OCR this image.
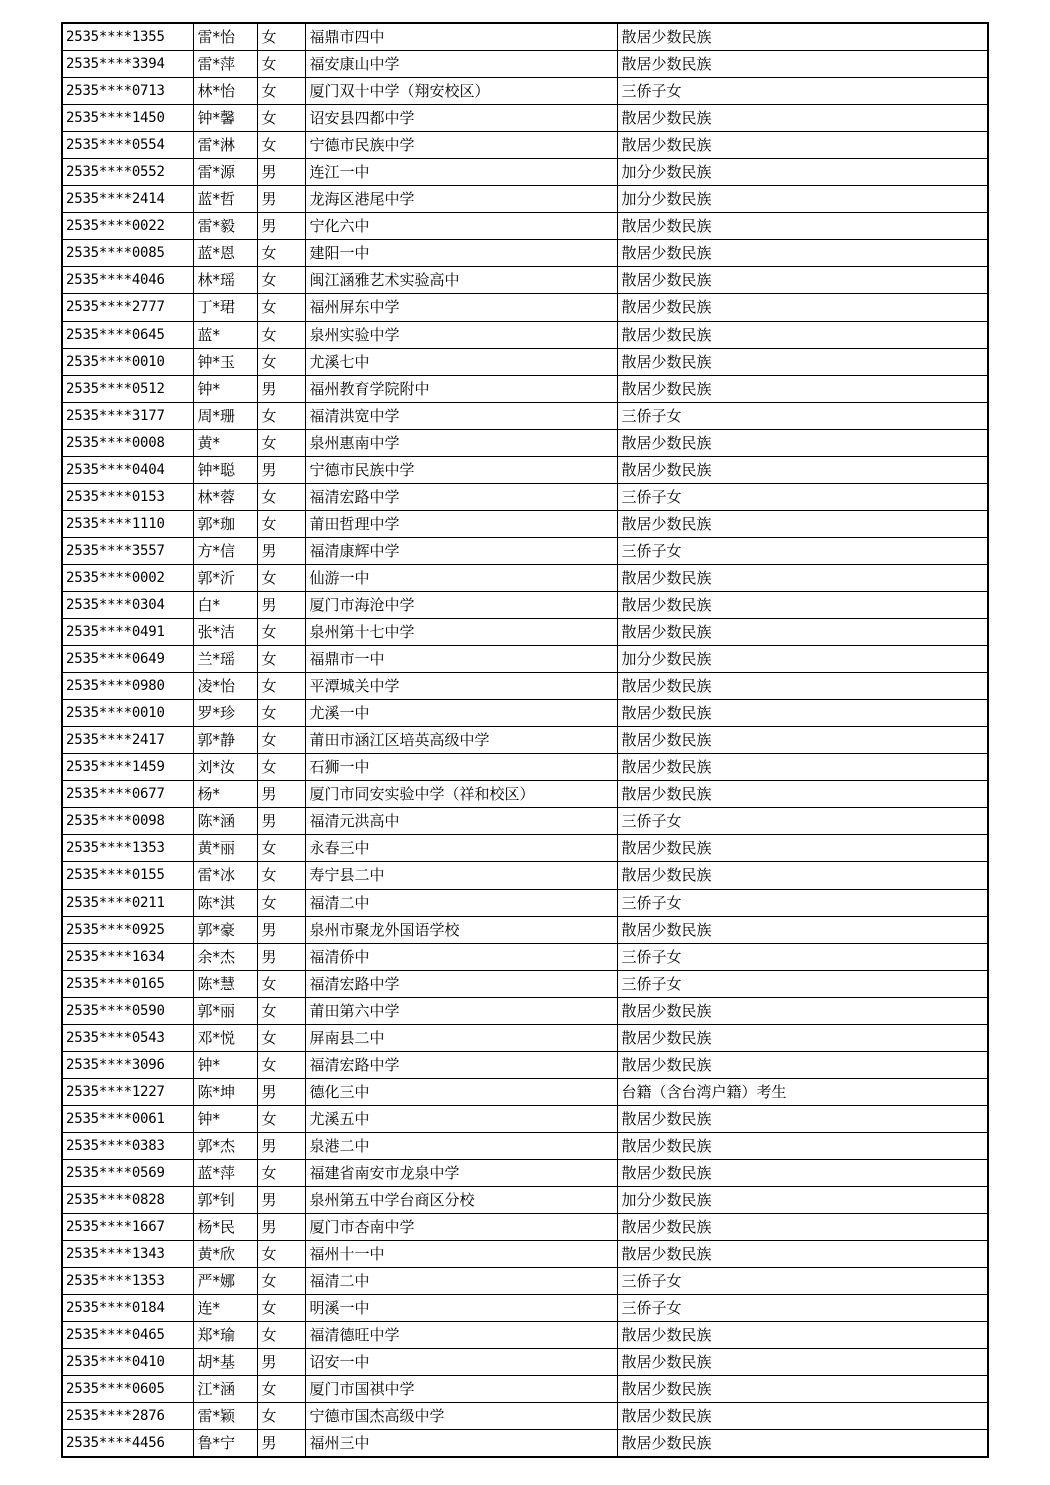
2535****1355	雷*怡	女	福鼎市四中	散居少数民族
2535****3394	雷*萍	女	福安康山中学	散居少数民族
2535****0713	林*怡	女	厦门双十中学（翔安校区）	三侨子女
2535****1450	钟*馨	女	诏安县四都中学	散居少数民族
2535****0554	雷*淋	女	宁德市民族中学	散居少数民族
2535****0552	雷*源	男	连江一中	加分少数民族
2535****2414	蓝*哲	男	龙海区港尾中学	加分少数民族
2535****0022	雷*毅	男	宁化六中	散居少数民族
2535****0085	蓝*恩	女	建阳一中	散居少数民族
2535****4046	林*瑶	女	闽江涵雅艺术实验高中	散居少数民族
2535****2777	丁*珺	女	福州屏东中学	散居少数民族
2535****0645	蓝*	女	泉州实验中学	散居少数民族
2535****0010	钟*玉	女	尤溪七中	散居少数民族
2535****0512	钟*	男	福州教育学院附中	散居少数民族
2535****3177	周*珊	女	福清洪宽中学	三侨子女
2535****0008	黄*	女	泉州惠南中学	散居少数民族
2535****0404	钟*聪	男	宁德市民族中学	散居少数民族
2535****0153	林*蓉	女	福清宏路中学	三侨子女
2535****1110	郭*珈	女	莆田哲理中学	散居少数民族
2535****3557	方*信	男	福清康辉中学	三侨子女
2535****0002	郭*沂	女	仙游一中	散居少数民族
2535****0304	白*	男	厦门市海沧中学	散居少数民族
2535****0491	张*洁	女	泉州第十七中学	散居少数民族
2535****0649	兰*瑶	女	福鼎市一中	加分少数民族
2535****0980	凌*怡	女	平潭城关中学	散居少数民族
2535****0010	罗*珍	女	尤溪一中	散居少数民族
2535****2417	郭*静	女	莆田市涵江区培英高级中学	散居少数民族
2535****1459	刘*汝	女	石狮一中	散居少数民族
2535****0677	杨*	男	厦门市同安实验中学（祥和校区）	散居少数民族
2535****0098	陈*涵	男	福清元洪高中	三侨子女
2535****1353	黄*丽	女	永春三中	散居少数民族
2535****0155	雷*冰	女	寿宁县二中	散居少数民族
2535****0211	陈*淇	女	福清二中	三侨子女
2535****0925	郭*豪	男	泉州市聚龙外国语学校	散居少数民族
2535****1634	余*杰	男	福清侨中	三侨子女
2535****0165	陈*慧	女	福清宏路中学	三侨子女
2535****0590	郭*丽	女	莆田第六中学	散居少数民族
2535****0543	邓*悦	女	屏南县二中	散居少数民族
2535****3096	钟*	女	福清宏路中学	散居少数民族
2535****1227	陈*坤	男	德化三中	台籍（含台湾户籍）考生
2535****0061	钟*	女	尤溪五中	散居少数民族
2535****0383	郭*杰	男	泉港二中	散居少数民族
2535****0569	蓝*萍	女	福建省南安市龙泉中学	散居少数民族
2535****0828	郭*钊	男	泉州第五中学台商区分校	加分少数民族
2535****1667	杨*民	男	厦门市杏南中学	散居少数民族
2535****1343	黄*欣	女	福州十一中	散居少数民族
2535****1353	严*娜	女	福清二中	三侨子女
2535****0184	连*	女	明溪一中	三侨子女
2535****0465	郑*瑜	女	福清德旺中学	散居少数民族
2535****0410	胡*基	男	诏安一中	散居少数民族
2535****0605	江*涵	女	厦门市国祺中学	散居少数民族
2535****2876	雷*颖	女	宁德市国杰高级中学	散居少数民族
2535****4456	鲁*宁	男	福州三中	散居少数民族
